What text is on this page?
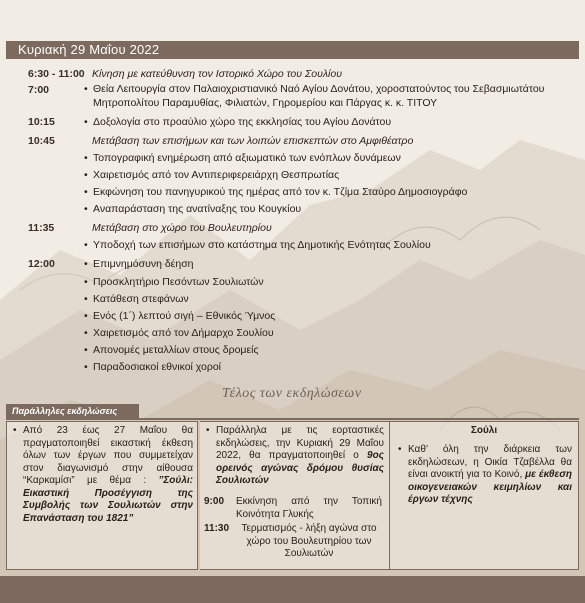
Κυριακή 29 Μαΐου 2022
6:30 - 11:00 Κίνηση με κατεύθυνση τον Ιστορικό Χώρο του Σουλίου
7:00	• Θεία Λειτουργία στον Παλαιοχριστιανικό Ναό Αγίου Δονάτου, χοροστατούντος του Σεβασμιωτάτου
Μητροπολίτου Παραμυθίας, Φιλιατών, Γηρομερίου και Πάργας κ. κ. ΤΙΤΟΥ
10:15	• Δοξολογία στο προαύλιο χώρο της εκκλησίας του Αγίου Δονάτου
10:45	Μετάβαση των επισήμων και των λοιπών επισκεπτών στο Αμφιθέατρο
• Τοπογραφική ενημέρωση από αξιωματικό των ενόπλων δυνάμεων
• Χαιρετισμός από τον Αντιπεριφερειάρχη Θεσπρωτίας
• Εκφώνηση του πανηγυρικού της ημέρας από τον κ. Τζίμα Σταύρο Δημοσιογράφο
• Αναπαράσταση της ανατίναξης του Κουγκίου
11:35	Μετάβαση στο χώρο του Βουλευτηρίου
• Υποδοχή των επισήμων στο κατάστημα της Δημοτικής Ενότητας Σουλίου
12:00	• Επιμνημόσυνη δέηση
• Προσκλητήριο Πεσόντων Σουλιωτών
• Κατάθεση στεφάνων
• Ενός (1΄) λεπτού σιγή – Εθνικός Ύμνος
• Χαιρετισμός από τον Δήμαρχο Σουλίου
• Απονομές μεταλλίων στους δρομείς
• Παραδοσιακοί εθνικοί χοροί
Τέλος των εκδηλώσεων
Παράλληλες εκδηλώσεις
• Από 23 έως 27 Μαΐου θα πραγματοποιηθεί εικαστική έκθεση όλων των έργων που συμμετείχαν στον διαγωνισμό στην αίθουσα “Καρκαμίσι” με θέμα : ”Σούλι: Εικαστική Προσέγγιση της Συμβολής των Σουλιωτών στην Επανάσταση του 1821”
• Παράλληλα με τις εορταστικές εκδηλώσεις, την Κυριακή 29 Μαΐου 2022, θα πραγματοποιηθεί ο 9ος ορεινός αγώνας δρόμου θυσίας Σουλιωτών
9:00 Εκκίνηση από την Τοπική Κοινότητα Γλυκής
11:30	Τερματισμός - λήξη αγώνα στο χώρο του Βουλευτηρίου των Σουλιωτών
Σούλι
• Καθ’ όλη την διάρκεια των εκδηλώσεων, η Οικία Τζαβέλλα θα είναι ανοικτή για το Κοινό, με έκθεση οικογενειακών κειμηλίων και έργων τέχνης
